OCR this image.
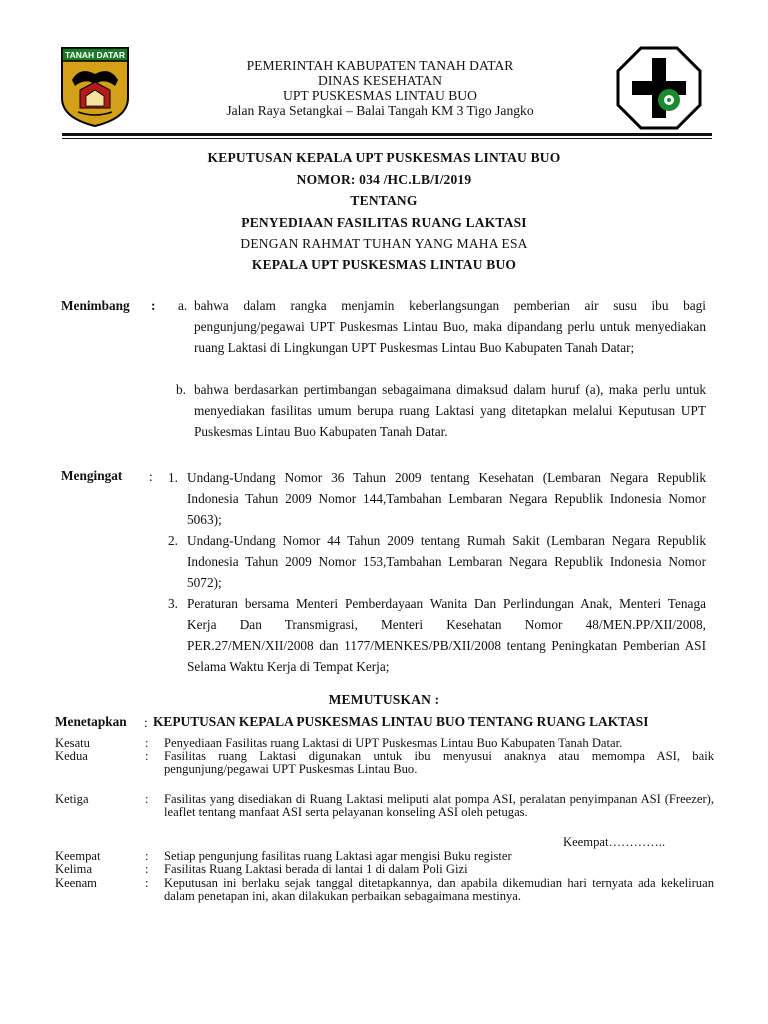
TANAH DATAR
PEMERINTAH KABUPATEN TANAH DATAR
DINAS KESEHATAN
UPT PUSKESMAS LINTAU BUO
Jalan Raya Setangkai – Balai Tangah KM 3 Tigo Jangko
KEPUTUSAN KEPALA UPT PUSKESMAS LINTAU BUO
NOMOR: 034 /HC.LB/I/2019
TENTANG
PENYEDIAAN FASILITAS RUANG LAKTASI
DENGAN RAHMAT TUHAN YANG MAHA ESA
KEPALA UPT PUSKESMAS LINTAU BUO
Menimbang : a. bahwa dalam rangka menjamin keberlangsungan pemberian air susu ibu bagi pengunjung/pegawai UPT Puskesmas Lintau Buo, maka dipandang perlu untuk menyediakan ruang Laktasi di Lingkungan UPT Puskesmas Lintau Buo Kabupaten Tanah Datar;
b. bahwa berdasarkan pertimbangan sebagaimana dimaksud dalam huruf (a), maka perlu untuk menyediakan fasilitas umum berupa ruang Laktasi yang ditetapkan melalui Keputusan UPT Puskesmas Lintau Buo Kabupaten Tanah Datar.
Mengingat : 1. Undang-Undang Nomor 36 Tahun 2009 tentang Kesehatan (Lembaran Negara Republik Indonesia Tahun 2009 Nomor 144,Tambahan Lembaran Negara Republik Indonesia Nomor 5063);
2. Undang-Undang Nomor 44 Tahun 2009 tentang Rumah Sakit (Lembaran Negara Republik Indonesia Tahun 2009 Nomor 153,Tambahan Lembaran Negara Republik Indonesia Nomor 5072);
3. Peraturan bersama Menteri Pemberdayaan Wanita Dan Perlindungan Anak, Menteri Tenaga Kerja Dan Transmigrasi, Menteri Kesehatan Nomor 48/MEN.PP/XII/2008, PER.27/MEN/XII/2008 dan 1177/MENKES/PB/XII/2008 tentang Peningkatan Pemberian ASI Selama Waktu Kerja di Tempat Kerja;
MEMUTUSKAN :
Menetapkan : KEPUTUSAN KEPALA PUSKESMAS LINTAU BUO TENTANG RUANG LAKTASI
Kesatu	: Penyediaan Fasilitas ruang Laktasi di UPT Puskesmas Lintau Buo Kabupaten Tanah Datar.
Kedua	: Fasilitas ruang Laktasi digunakan untuk ibu menyusui anaknya atau memompa ASI, baik pengunjung/pegawai UPT Puskesmas Lintau Buo.
Ketiga	: Fasilitas yang disediakan di Ruang Laktasi meliputi alat pompa ASI, peralatan penyimpanan ASI (Freezer), leaflet tentang manfaat ASI serta pelayanan konseling ASI oleh petugas.
Keempat…………..
Keempat	: Setiap pengunjung fasilitas ruang Laktasi agar mengisi Buku register
Kelima	: Fasilitas Ruang Laktasi berada di lantai 1 di dalam Poli Gizi
Keenam	: Keputusan ini berlaku sejak tanggal ditetapkannya, dan apabila dikemudian hari ternyata ada kekeliruan dalam penetapan ini, akan dilakukan perbaikan sebagaimana mestinya.
